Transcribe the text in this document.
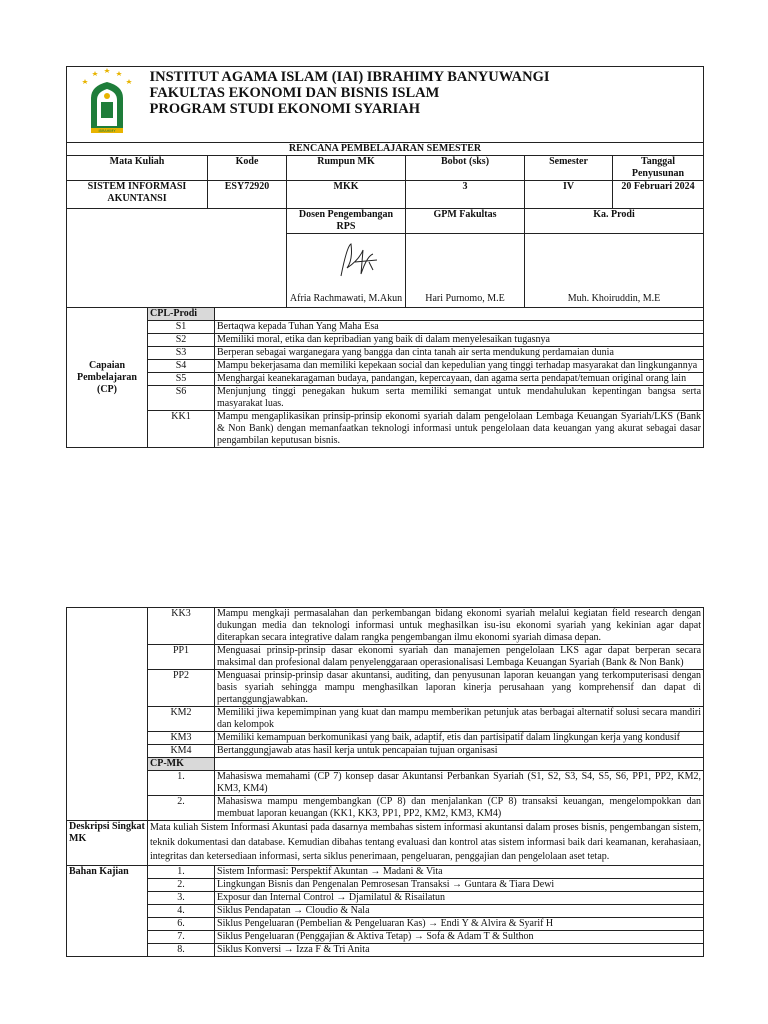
IBRAHIMY	INSTITUT AGAMA ISLAM (IAI) IBRAHIMY BANYUWANGI
FAKULTAS EKONOMI DAN BISNIS ISLAM
PROGRAM STUDI EKONOMI SYARIAH					

RENCANA PEMBELAJARAN SEMESTER						
Mata Kuliah		Kode	Rumpun MK	Bobot (sks)	Semester	Tanggal Penyusunan
SISTEM INFORMASI AKUNTANSI		ESY72920	MKK	3	IV	20 Februari 2024
			Dosen Pengembangan RPS	GPM Fakultas	Ka. Prodi	

			Afria Rachmawati, M.Akun	Hari Purnomo, M.E	Muh. Khoiruddin, M.E	
Capaian Pembelajaran (CP)	CPL-Prodi	
	S1	Bertaqwa kepada Tuhan Yang Maha Esa
	S2	Memiliki moral, etika dan kepribadian yang baik di dalam menyelesaikan tugasnya
	S3	Berperan sebagai warganegara yang bangga dan cinta tanah air serta mendukung perdamaian dunia
	S4	Mampu bekerjasama dan memiliki kepekaan social dan kepedulian yang tinggi terhadap masyarakat dan lingkungannya
	S5	Menghargai keanekaragaman budaya, pandangan, kepercayaan, dan agama serta pendapat/temuan original orang lain
	S6	Menjunjung tinggi penegakan hukum serta memiliki semangat untuk mendahulukan kepentingan bangsa serta masyarakat luas.
	KK1	Mampu mengaplikasikan prinsip-prinsip ekonomi syariah dalam pengelolaan Lembaga Keuangan Syariah/LKS (Bank & Non Bank) dengan memanfaatkan teknologi informasi untuk pengelolaan data keuangan yang akurat sebagai dasar pengambilan keputusan bisnis.
	KK3	Mampu mengkaji permasalahan dan perkembangan bidang ekonomi syariah melalui kegiatan field research dengan dukungan media dan teknologi informasi untuk meghasilkan isu-isu ekonomi syariah yang kekinian agar dapat diterapkan secara integrative dalam rangka pengembangan ilmu ekonomi syariah dimasa depan.
	PP1	Menguasai prinsip-prinsip dasar ekonomi syariah dan manajemen pengelolaan LKS agar dapat berperan secara maksimal dan profesional dalam penyelenggaraan operasionalisasi Lembaga Keuangan Syariah (Bank & Non Bank)
	PP2	Menguasai prinsip-prinsip dasar akuntansi, auditing, dan penyusunan laporan keuangan yang terkomputerisasi dengan basis syariah sehingga mampu menghasilkan laporan kinerja perusahaan yang komprehensif dan dapat di pertanggungjawabkan.
	KM2	Memiliki jiwa kepemimpinan yang kuat dan mampu memberikan petunjuk atas berbagai alternatif solusi secara mandiri dan kelompok
	KM3	Memiliki kemampuan berkomunikasi yang baik, adaptif, etis dan partisipatif dalam lingkungan kerja yang kondusif
	KM4	Bertanggungjawab atas hasil kerja untuk pencapaian tujuan organisasi
	CP-MK	
	1.	Mahasiswa memahami (CP 7) konsep dasar Akuntansi Perbankan Syariah (S1, S2, S3, S4, S5, S6, PP1, PP2, KM2, KM3, KM4)
	2.	Mahasiswa mampu mengembangkan (CP 8) dan menjalankan (CP 8) transaksi keuangan, mengelompokkan dan membuat laporan keuangan (KK1, KK3, PP1, PP2, KM2, KM3, KM4)
Deskripsi Singkat MK	Mata kuliah Sistem Informasi Akuntasi pada dasarnya membahas sistem informasi akuntansi dalam proses bisnis, pengembangan sistem, teknik dokumentasi dan database. Kemudian dibahas tentang evaluasi dan kontrol atas sistem informasi baik dari keamanan, kerahasiaan, integritas dan ketersediaan informasi, serta siklus penerimaan, pengeluaran, penggajian dan pengelolaan aset tetap.	
Bahan Kajian	1.	Sistem Informasi: Perspektif Akuntan → Madani & Vita
	2.	Lingkungan Bisnis dan Pengenalan Pemrosesan Transaksi → Guntara & Tiara Dewi
	3.	Exposur dan Internal Control → Djamilatul & Risailatun
	4.	Siklus Pendapatan → Cloudio & Nala
	6.	Siklus Pengeluaran (Pembelian & Pengeluaran Kas) → Endi Y & Alvira & Syarif H
	7.	Siklus Pengeluaran (Penggajian & Aktiva Tetap) → Sofa & Adam T & Sulthon
	8.	Siklus Konversi → Izza F & Tri Anita
